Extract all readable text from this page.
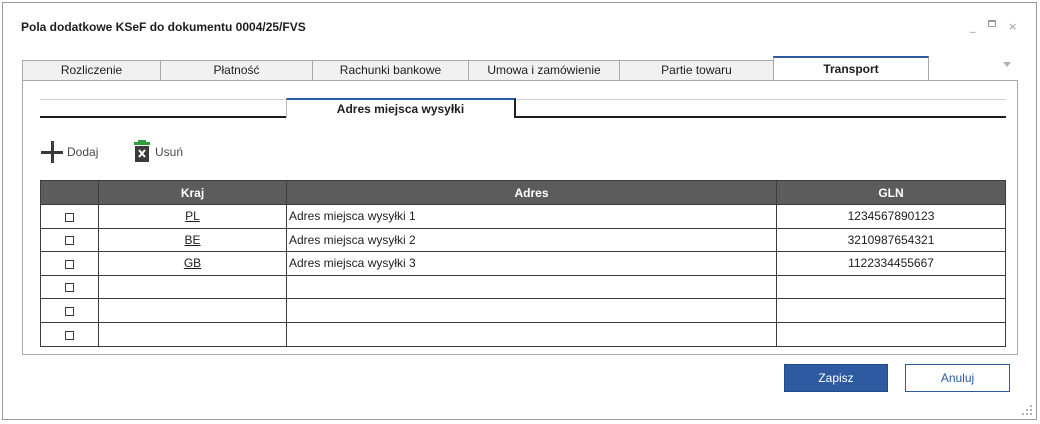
Pola dodatkowe KSeF do dokumentu 0004/25/FVS	_	×
Rozliczenie	Płatność	Rachunki bankowe	Umowa i zamówienie	Partie towaru	Transport
Adres miejsca wysyłki
Dodaj	Usuń
	Kraj	Adres	GLN
	PL	Adres miejsca wysyłki 1	1234567890123
	BE	Adres miejsca wysyłki 2	3210987654321
	GB	Adres miejsca wysyłki 3	1122334455667

Zapisz	Anuluj
